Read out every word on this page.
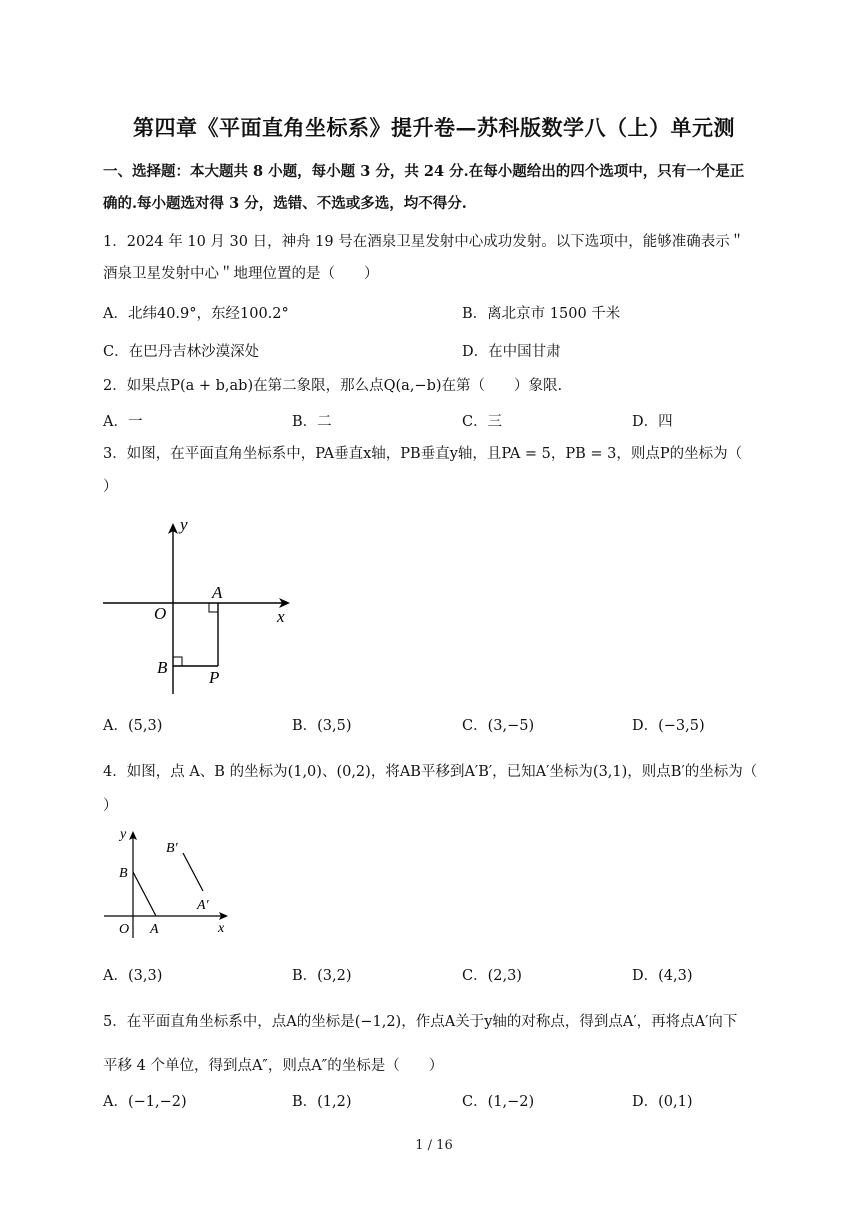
第四章《平面直角坐标系》提升卷—苏科版数学八（上）单元测
一、选择题：本大题共 8 小题，每小题 3 分，共 24 分.在每小题给出的四个选项中，只有一个是正
确的.每小题选对得 3 分，选错、不选或多选，均不得分.
1．2024 年 10 月 30 日，神舟 19 号在酒泉卫星发射中心成功发射。以下选项中，能够准确表示＂
酒泉卫星发射中心＂地理位置的是（　　）
A．北纬40.9°，东经100.2°	B．离北京市 1500 千米
C．在巴丹吉林沙漠深处	D．在中国甘肃
2．如果点P(a + b,ab)在第二象限，那么点Q(a,−b)在第（　　）象限.
A．一	B．二	C．三	D．四
3．如图，在平面直角坐标系中，PA垂直x轴，PB垂直y轴，且PA = 5，PB = 3，则点P的坐标为（
）
y
x
O
A
B
P
A．(5,3)	B．(3,5)	C．(3,−5)	D．(−3,5)
4．如图，点 A、B 的坐标为(1,0)、(0,2)，将AB平移到A′B′，已知A′坐标为(3,1)，则点B′的坐标为（
）
y
x
O A
B
A′
B′
A．(3,3)	B．(3,2)	C．(2,3)	D．(4,3)
5．在平面直角坐标系中，点A的坐标是(−1,2)，作点A关于y轴的对称点，得到点A′，再将点A′向下
平移 4 个单位，得到点A″，则点A″的坐标是（　　）
A．(−1,−2)	B．(1,2)	C．(1,−2)	D．(0,1)
1 / 16
